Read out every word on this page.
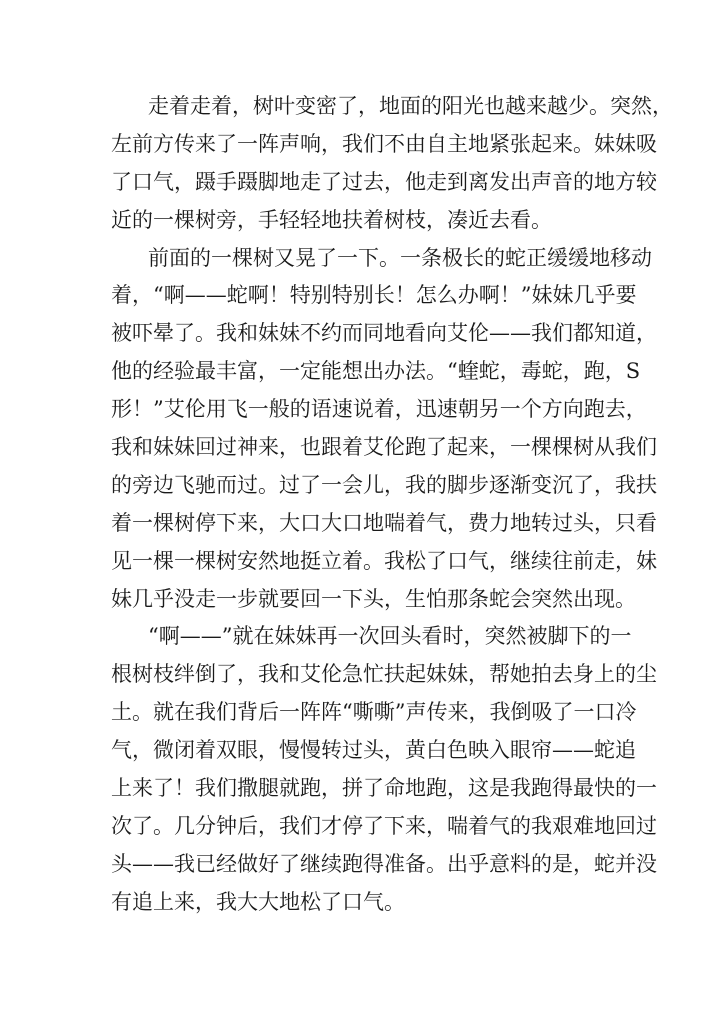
走着走着，树叶变密了，地面的阳光也越来越少。突然，
左前方传来了一阵声响，我们不由自主地紧张起来。妹妹吸
了口气，蹑手蹑脚地走了过去，他走到离发出声音的地方较
近的一棵树旁，手轻轻地扶着树枝，凑近去看。
前面的一棵树又晃了一下。一条极长的蛇正缓缓地移动
着，“啊——蛇啊！特别特别长！怎么办啊！”妹妹几乎要
被吓晕了。我和妹妹不约而同地看向艾伦——我们都知道，
他的经验最丰富，一定能想出办法。“蝰蛇，毒蛇，跑，S
形！”艾伦用飞一般的语速说着，迅速朝另一个方向跑去，
我和妹妹回过神来，也跟着艾伦跑了起来，一棵棵树从我们
的旁边飞驰而过。过了一会儿，我的脚步逐渐变沉了，我扶
着一棵树停下来，大口大口地喘着气，费力地转过头，只看
见一棵一棵树安然地挺立着。我松了口气，继续往前走，妹
妹几乎没走一步就要回一下头，生怕那条蛇会突然出现。
“啊——”就在妹妹再一次回头看时，突然被脚下的一
根树枝绊倒了，我和艾伦急忙扶起妹妹，帮她拍去身上的尘
土。就在我们背后一阵阵“嘶嘶”声传来，我倒吸了一口冷
气，微闭着双眼，慢慢转过头，黄白色映入眼帘——蛇追
上来了！我们撒腿就跑，拼了命地跑，这是我跑得最快的一
次了。几分钟后，我们才停了下来，喘着气的我艰难地回过
头——我已经做好了继续跑得准备。出乎意料的是，蛇并没
有追上来，我大大地松了口气。
